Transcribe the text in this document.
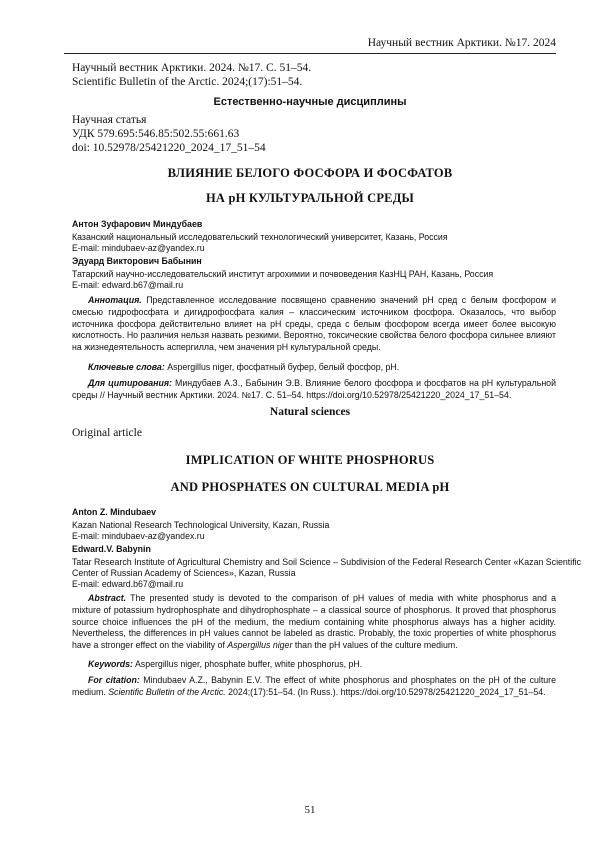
Научный вестник Арктики. №17. 2024
Научный вестник Арктики. 2024. №17. С. 51–54.
Scientific Bulletin of the Arctic. 2024;(17):51–54.
Естественно-научные дисциплины
Научная статья
УДК 579.695:546.85:502.55:661.63
doi: 10.52978/25421220_2024_17_51–54
ВЛИЯНИЕ БЕЛОГО ФОСФОРА И ФОСФАТОВ
НА pH КУЛЬТУРАЛЬНОЙ СРЕДЫ
Антон Зуфарович Миндубаев
Казанский национальный исследовательский технологический университет, Казань, Россия
E-mail: mindubaev-az@yandex.ru
Эдуард Викторович Бабынин
Татарский научно-исследовательский институт агрохимии и почвоведения КазНЦ РАН, Казань, Россия
E-mail: edward.b67@mail.ru
Аннотация. Представленное исследование посвящено сравнению значений pH сред с белым фосфором и смесью гидрофосфата и дигидрофосфата калия – классическим источником фосфора. Оказалось, что выбор источника фосфора действительно влияет на pH среды, среда с белым фосфором всегда имеет более высокую кислотность. Но различия нельзя назвать резкими. Вероятно, токсические свойства белого фосфора сильнее влияют на жизнедеятельность аспергилла, чем значения pH культуральной среды.
Ключевые слова: Aspergillus niger, фосфатный буфер, белый фосфор, pH.
Для цитирования: Миндубаев А.З., Бабынин Э.В. Влияние белого фосфора и фосфатов на pH культуральной среды // Научный вестник Арктики. 2024. №17. С. 51–54. https://doi.org/10.52978/25421220_2024_17_51–54.
Natural sciences
Original article
IMPLICATION OF WHITE PHOSPHORUS
AND PHOSPHATES ON CULTURAL MEDIA pH
Anton Z. Mindubaev
Kazan National Research Technological University, Kazan, Russia
E-mail: mindubaev-az@yandex.ru
Edward.V. Babynin
Tatar Research Institute of Agricultural Chemistry and Soil Science – Subdivision of the Federal Research Center «Kazan Scientific
Center of Russian Academy of Sciences», Kazan, Russia
E-mail: edward.b67@mail.ru
Abstract. The presented study is devoted to the comparison of pH values of media with white phosphorus and a mixture of potassium hydrophosphate and dihydrophosphate – a classical source of phosphorus. It proved that phosphorus source choice influences the pH of the medium, the medium containing white phosphorus always has a higher acidity. Nevertheless, the differences in pH values cannot be labeled as drastic. Probably, the toxic properties of white phosphorus have a stronger effect on the viability of Aspergillus niger than the pH values of the culture medium.
Keywords: Aspergillus niger, phosphate buffer, white phosphorus, pH.
For citation: Mindubaev A.Z., Babynin E.V. The effect of white phosphorus and phosphates on the pH of the culture medium. Scientific Bulletin of the Arctic. 2024;(17):51–54. (In Russ.). https://doi.org/10.52978/25421220_2024_17_51–54.
51
